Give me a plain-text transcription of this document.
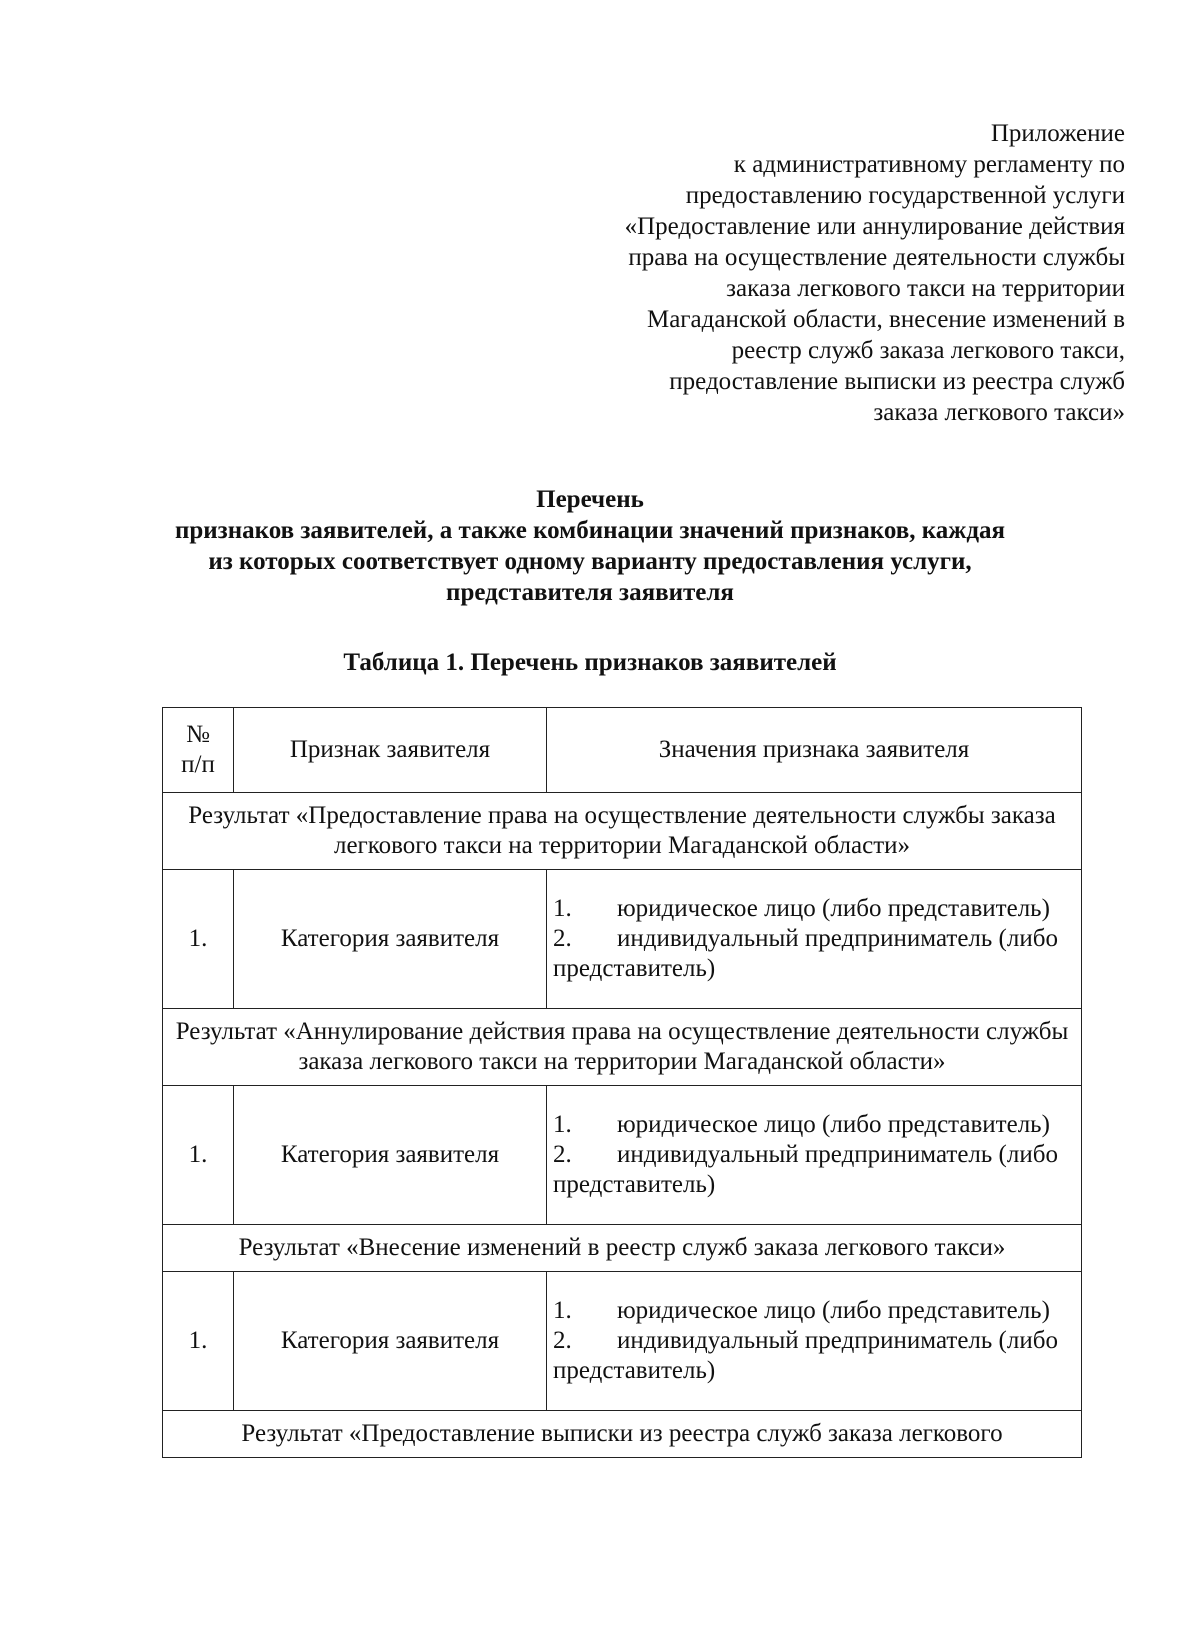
Приложение
к административному регламенту по
предоставлению государственной услуги
«Предоставление или аннулирование действия
права на осуществление деятельности службы
заказа легкового такси на территории
Магаданской области, внесение изменений в
реестр служб заказа легкового такси,
предоставление выписки из реестра служб
заказа легкового такси»
Перечень
признаков заявителей, а также комбинации значений признаков, каждая
из которых соответствует одному варианту предоставления услуги,
представителя заявителя
Таблица 1. Перечень признаков заявителей
№
п/п	Признак заявителя	Значения признака заявителя
Результат «Предоставление права на осуществление деятельности службы заказа легкового такси на территории Магаданской области»		
1.	Категория заявителя	1. юридическое лицо (либо представитель)
2. индивидуальный предприниматель (либо представитель)

Результат «Аннулирование действия права на осуществление деятельности службы заказа легкового такси на территории Магаданской области»		
1.	Категория заявителя	1. юридическое лицо (либо представитель)
2. индивидуальный предприниматель (либо представитель)

Результат «Внесение изменений в реестр служб заказа легкового такси»		
1.	Категория заявителя	1. юридическое лицо (либо представитель)
2. индивидуальный предприниматель (либо представитель)

Результат «Предоставление выписки из реестра служб заказа легкового		
